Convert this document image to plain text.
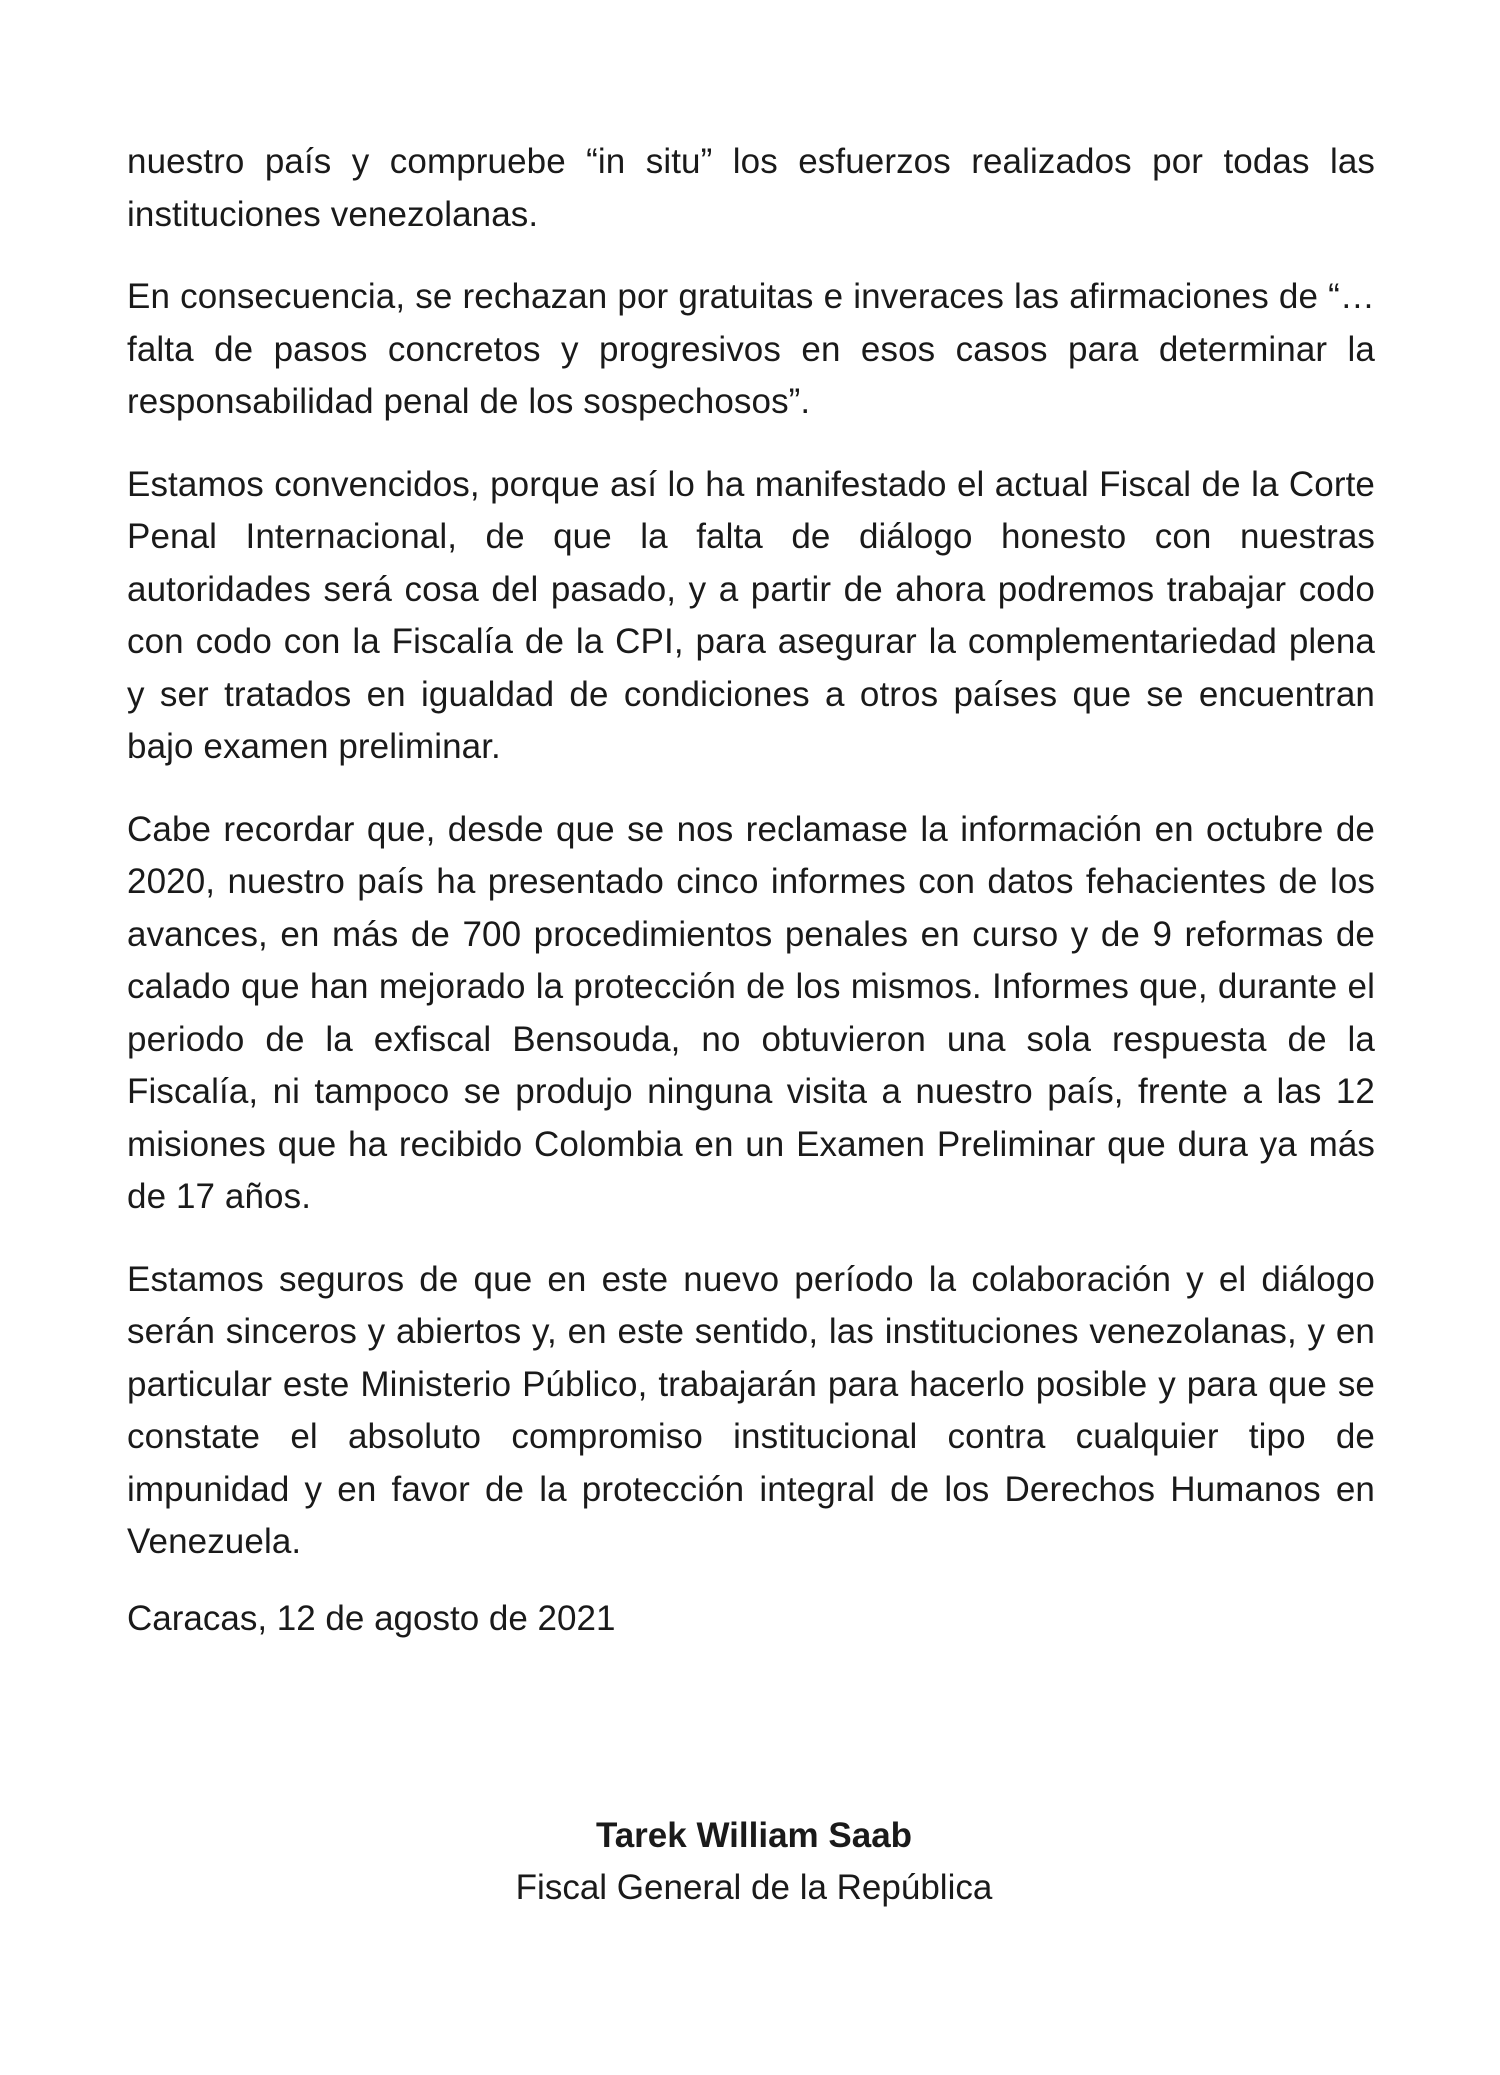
nuestro país y compruebe “in situ” los esfuerzos realizados por todas las instituciones venezolanas.

En consecuencia, se rechazan por gratuitas e inveraces las afirmaciones de “…falta de pasos concretos y progresivos en esos casos para determinar la responsabilidad penal de los sospechosos”.

Estamos convencidos, porque así lo ha manifestado el actual Fiscal de la Corte Penal Internacional, de que la falta de diálogo honesto con nuestras autoridades será cosa del pasado, y a partir de ahora podremos trabajar codo con codo con la Fiscalía de la CPI, para asegurar la complementariedad plena y ser tratados en igualdad de condiciones a otros países que se encuentran bajo examen preliminar.

Cabe recordar que, desde que se nos reclamase la información en octubre de 2020, nuestro país ha presentado cinco informes con datos fehacientes de los avances, en más de 700 procedimientos penales en curso y de 9 reformas de calado que han mejorado la protección de los mismos. Informes que, durante el periodo de la exfiscal Bensouda, no obtuvieron una sola respuesta de la Fiscalía, ni tampoco se produjo ninguna visita a nuestro país, frente a las 12 misiones que ha recibido Colombia en un Examen Preliminar que dura ya más de 17 años.

Estamos seguros de que en este nuevo período la colaboración y el diálogo serán sinceros y abiertos y, en este sentido, las instituciones venezolanas, y en particular este Ministerio Público, trabajarán para hacerlo posible y para que se constate el absoluto compromiso institucional contra cualquier tipo de impunidad y en favor de la protección integral de los Derechos Humanos en Venezuela.

Caracas, 12 de agosto de 2021

Tarek William Saab

Fiscal General de la República
